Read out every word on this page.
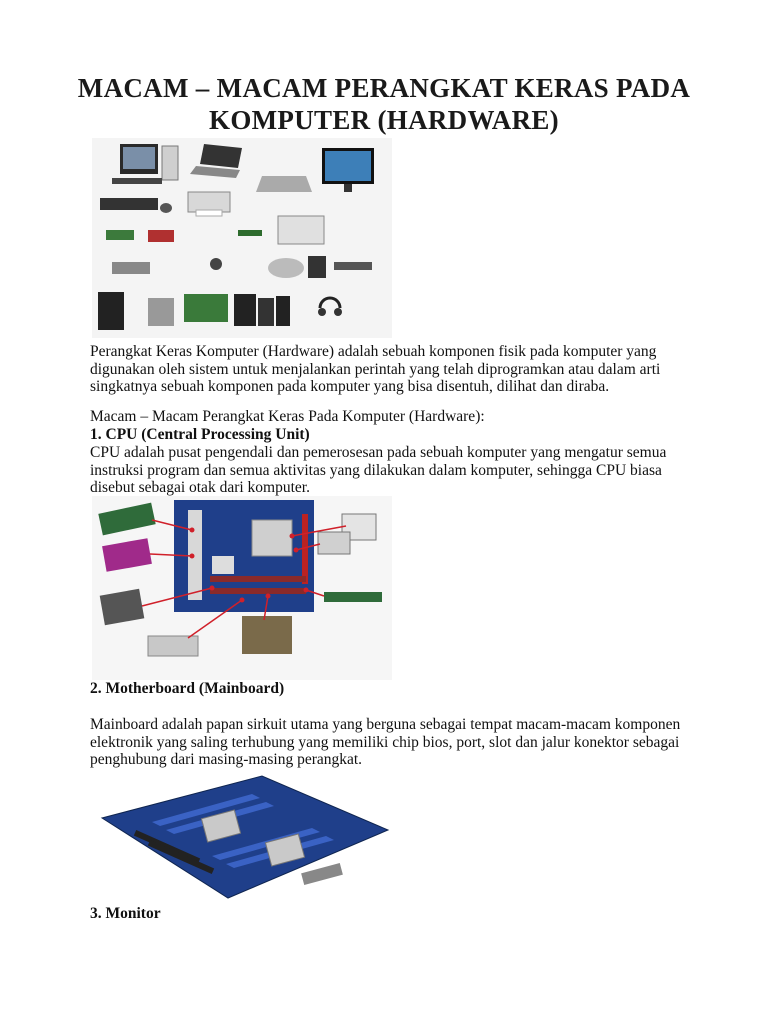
MACAM – MACAM PERANGKAT KERAS PADA KOMPUTER (HARDWARE)

Perangkat Keras Komputer (Hardware) adalah sebuah komponen fisik pada komputer yang digunakan oleh sistem untuk menjalankan perintah yang telah diprogramkan atau dalam arti singkatnya sebuah komponen pada komputer yang bisa disentuh, dilihat dan diraba.

Macam – Macam Perangkat Keras Pada Komputer (Hardware):

1. CPU (Central Processing Unit)

CPU adalah pusat pengendali dan pemerosesan pada sebuah komputer yang mengatur semua instruksi program dan semua aktivitas yang dilakukan dalam komputer, sehingga CPU biasa disebut sebagai otak dari komputer.

2. Motherboard (Mainboard)

Mainboard adalah papan sirkuit utama yang berguna sebagai tempat macam-macam komponen elektronik yang saling terhubung yang memiliki chip bios, port, slot dan jalur konektor sebagai penghubung dari masing-masing perangkat.

3. Monitor
